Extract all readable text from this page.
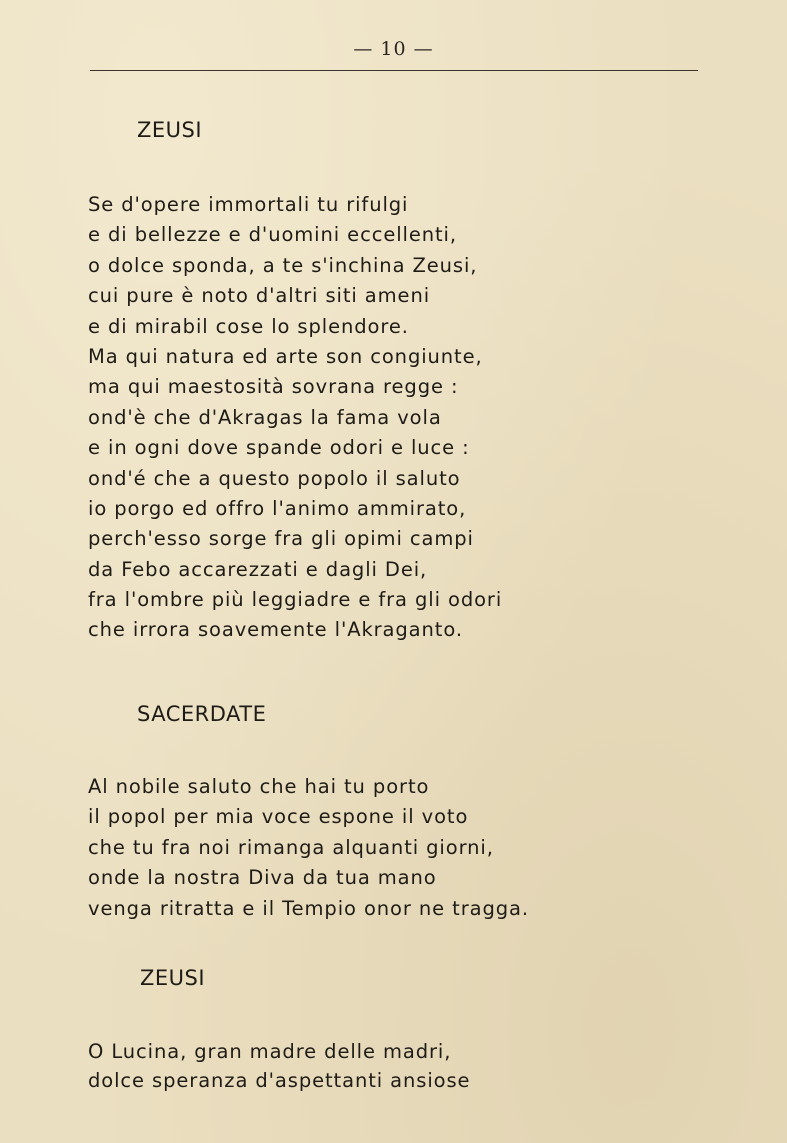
— 10 —
ZEUSI
Se d'opere immortali tu rifulgi
e di bellezze e d'uomini eccellenti,
o dolce sponda, a te s'inchina Zeusi,
cui pure è noto d'altri siti ameni
e di mirabil cose lo splendore.
Ma qui natura ed arte son congiunte,
ma qui maestosità sovrana regge :
ond'è che d'Akragas la fama vola
e in ogni dove spande odori e luce :
ond'é che a questo popolo il saluto
io porgo ed offro l'animo ammirato,
perch'esso sorge fra gli opimi campi
da Febo accarezzati e dagli Dei,
fra l'ombre più leggiadre e fra gli odori
che irrora soavemente l'Akraganto.
SACERDATE
Al nobile saluto che hai tu porto
il popol per mia voce espone il voto
che tu fra noi rimanga alquanti giorni,
onde la nostra Diva da tua mano
venga ritratta e il Tempio onor ne tragga.
ZEUSI
O Lucina, gran madre delle madri,
dolce speranza d'aspettanti ansiose
